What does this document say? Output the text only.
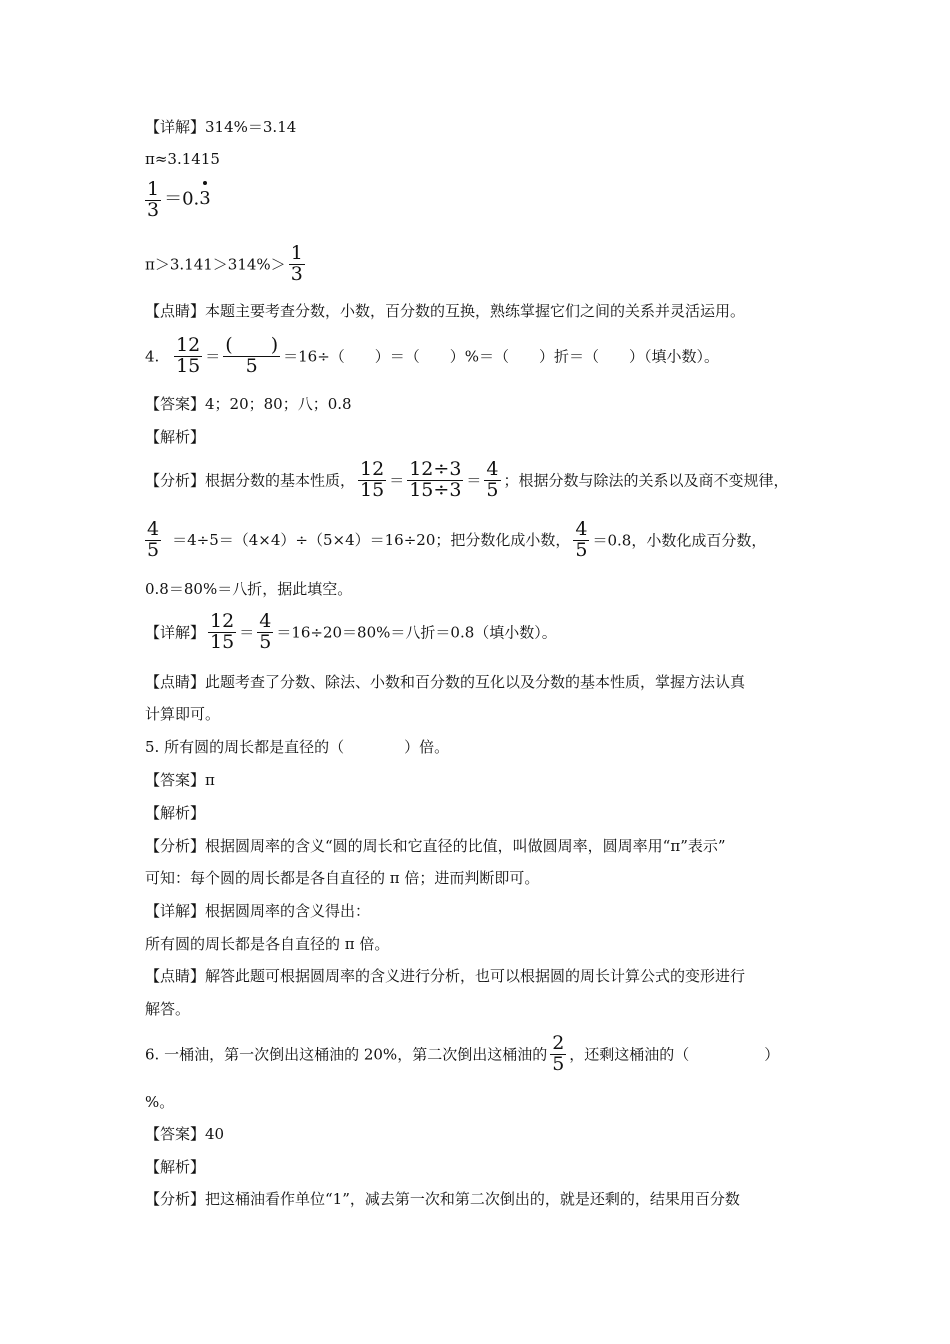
【详解】314%＝3.14
π≈3.1415
$\frac{1}{3} =0.3$
$\pi>3.141>314\%> \frac{1}{3}$
【点睛】本题主要考查分数，小数，百分数的互换，熟练掌握它们之间的关系并灵活运用。
4. $\frac{12}{15} = \frac{( )}{5} =16\div$（　　）＝（　　）%＝（　　）折＝（　　）（填小数）。
【答案】4；20；80；八；0.8
【解析】
【分析】根据分数的基本性质， $\frac{12}{15} = \frac{12\div 3}{15\div 3} = \frac{4}{5}$ ；根据分数与除法的关系以及商不变规律，
$\frac{4}{5} =4\div 5=(4\times 4)\div(5\times 4)=16\div 20$；把分数化成小数， $\frac{4}{5} =0.8$，小数化成百分数，
0.8＝80%＝八折，据此填空。
【详解】 $\frac{12}{15} = \frac{4}{5} =16\div 20=80\%=$八折＝0.8（填小数）。
【点睛】此题考查了分数、除法、小数和百分数的互化以及分数的基本性质，掌握方法认真
计算即可。
5. 所有圆的周长都是直径的（　　　　）倍。
【答案】π
【解析】
【分析】根据圆周率的含义“圆的周长和它直径的比值，叫做圆周率，圆周率用“π”表示”
可知：每个圆的周长都是各自直径的 π 倍；进而判断即可。
【详解】根据圆周率的含义得出：
所有圆的周长都是各自直径的 π 倍。
【点睛】解答此题可根据圆周率的含义进行分析，也可以根据圆的周长计算公式的变形进行
解答。
6. 一桶油，第一次倒出这桶油的 20%，第二次倒出这桶油的 $\frac{2}{5}$ ，还剩这桶油的（　　　　　）
%。
【答案】40
【解析】
【分析】把这桶油看作单位“1”，减去第一次和第二次倒出的，就是还剩的，结果用百分数
